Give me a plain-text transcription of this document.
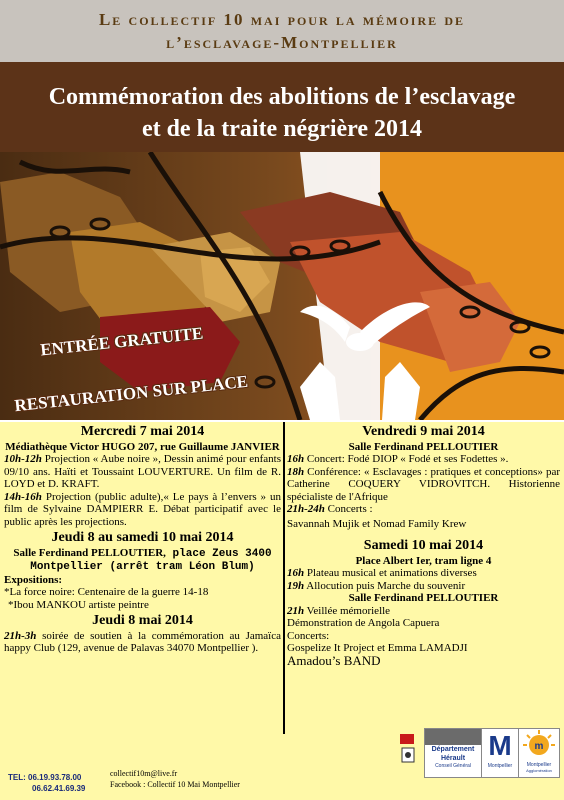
Le collectif 10 mai pour la mémoire de
l’esclavage-Montpellier
Commémoration des abolitions de l’esclavage
et de la traite négrière 2014
ENTRÉE GRATUITE
RESTAURATION SUR PLACE
Mercredi 7 mai 2014
Médiathèque Victor HUGO 207, rue Guillaume JANVIER
10h-12h Projection « Aube noire », Dessin animé pour enfants 09/10 ans. Haïti et Toussaint LOUVERTURE. Un film de R. LOYD et D. KRAFT.
14h-16h Projection (public adulte),« Le pays à l’envers » un film de Sylvaine DAMPIERR E. Débat participatif avec le public après les projections.
Jeudi 8 au samedi 10 mai 2014
Salle Ferdinand PELLOUTIER, place Zeus 3400 Montpellier (arrêt tram Léon Blum)
Expositions:
*La force noire: Centenaire de la guerre 14-18
*Ibou MANKOU artiste peintre
Jeudi 8 mai 2014
21h-3h soirée de soutien à la commémoration au Jamaïca happy Club (129, avenue de Palavas 34070 Montpellier ).
Vendredi 9 mai 2014
Salle Ferdinand PELLOUTIER
16h Concert: Fodé DIOP « Fodé et ses Fodettes ».
18h Conférence: « Esclavages : pratiques et conceptions» par Catherine COQUERY VIDROVITCH. Historienne spécialiste de l'Afrique
21h-24h Concerts :
Savannah Mujik et Nomad Family Krew
Samedi 10 mai 2014
Place Albert Ier, tram ligne 4
16h Plateau musical et animations diverses
19h Allocution puis Marche du souvenir
Salle Ferdinand PELLOUTIER
21h Veillée mémorielle
Démonstration de Angola Capuera
Concerts:
Gospelize It Project et Emma LAMADJI
Amadou’s BAND
TEL: 06.19.93.78.00
06.62.41.69.39
collectif10m@live.fr
Facebook : Collectif 10 Mai Montpellier
Département Hérault
Conseil Général
M
Montpellier
m
Montpellier
Agglomération
